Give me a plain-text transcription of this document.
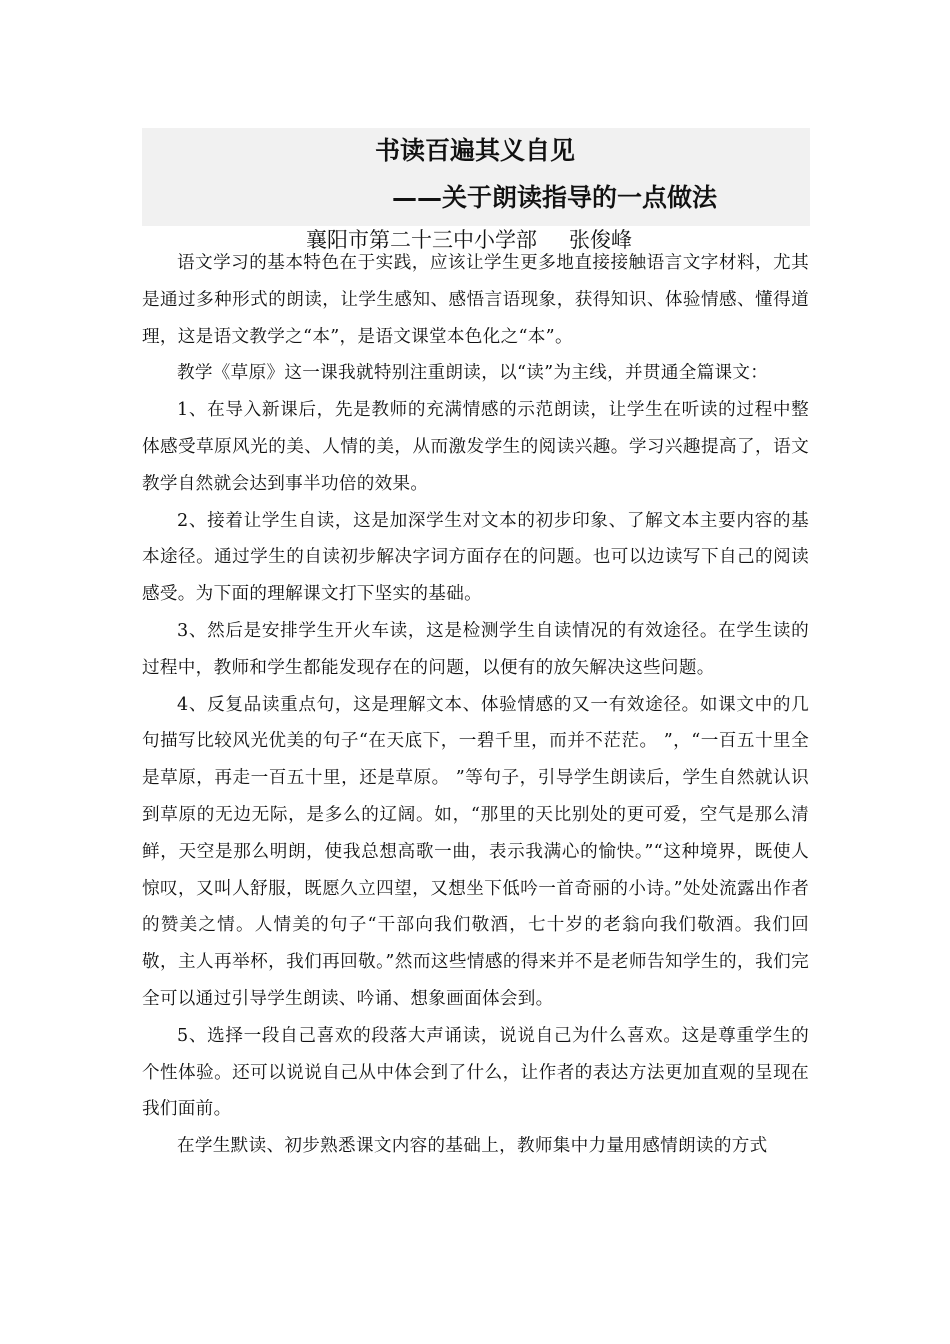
书读百遍其义自见
——关于朗读指导的一点做法
襄阳市第二十三中小学部 张俊峰

语文学习的基本特色在于实践，应该让学生更多地直接接触语言文字材料，尤其是通过多种形式的朗读，让学生感知、感悟言语现象，获得知识、体验情感、懂得道理，这是语文教学之“本”，是语文课堂本色化之“本”。

教学《草原》这一课我就特别注重朗读，以“读”为主线，并贯通全篇课文：

1、在导入新课后，先是教师的充满情感的示范朗读，让学生在听读的过程中整体感受草原风光的美、人情的美，从而激发学生的阅读兴趣。学习兴趣提高了，语文教学自然就会达到事半功倍的效果。

2、接着让学生自读，这是加深学生对文本的初步印象、了解文本主要内容的基本途径。通过学生的自读初步解决字词方面存在的问题。也可以边读写下自己的阅读感受。为下面的理解课文打下坚实的基础。

3、然后是安排学生开火车读，这是检测学生自读情况的有效途径。在学生读的过程中，教师和学生都能发现存在的问题，以便有的放矢解决这些问题。

4、反复品读重点句，这是理解文本、体验情感的又一有效途径。如课文中的几句描写比较风光优美的句子“在天底下，一碧千里，而并不茫茫。 ”，“一百五十里全是草原，再走一百五十里，还是草原。 ”等句子，引导学生朗读后，学生自然就认识到草原的无边无际，是多么的辽阔。如，“那里的天比别处的更可爱，空气是那么清鲜，天空是那么明朗，使我总想高歌一曲，表示我满心的愉快。”“这种境界，既使人惊叹，又叫人舒服，既愿久立四望，又想坐下低吟一首奇丽的小诗。”处处流露出作者的赞美之情。人情美的句子“干部向我们敬酒，七十岁的老翁向我们敬酒。我们回敬，主人再举杯，我们再回敬。”然而这些情感的得来并不是老师告知学生的，我们完全可以通过引导学生朗读、吟诵、想象画面体会到。

5、选择一段自己喜欢的段落大声诵读，说说自己为什么喜欢。这是尊重学生的个性体验。还可以说说自己从中体会到了什么，让作者的表达方法更加直观的呈现在我们面前。

在学生默读、初步熟悉课文内容的基础上，教师集中力量用感情朗读的方式
